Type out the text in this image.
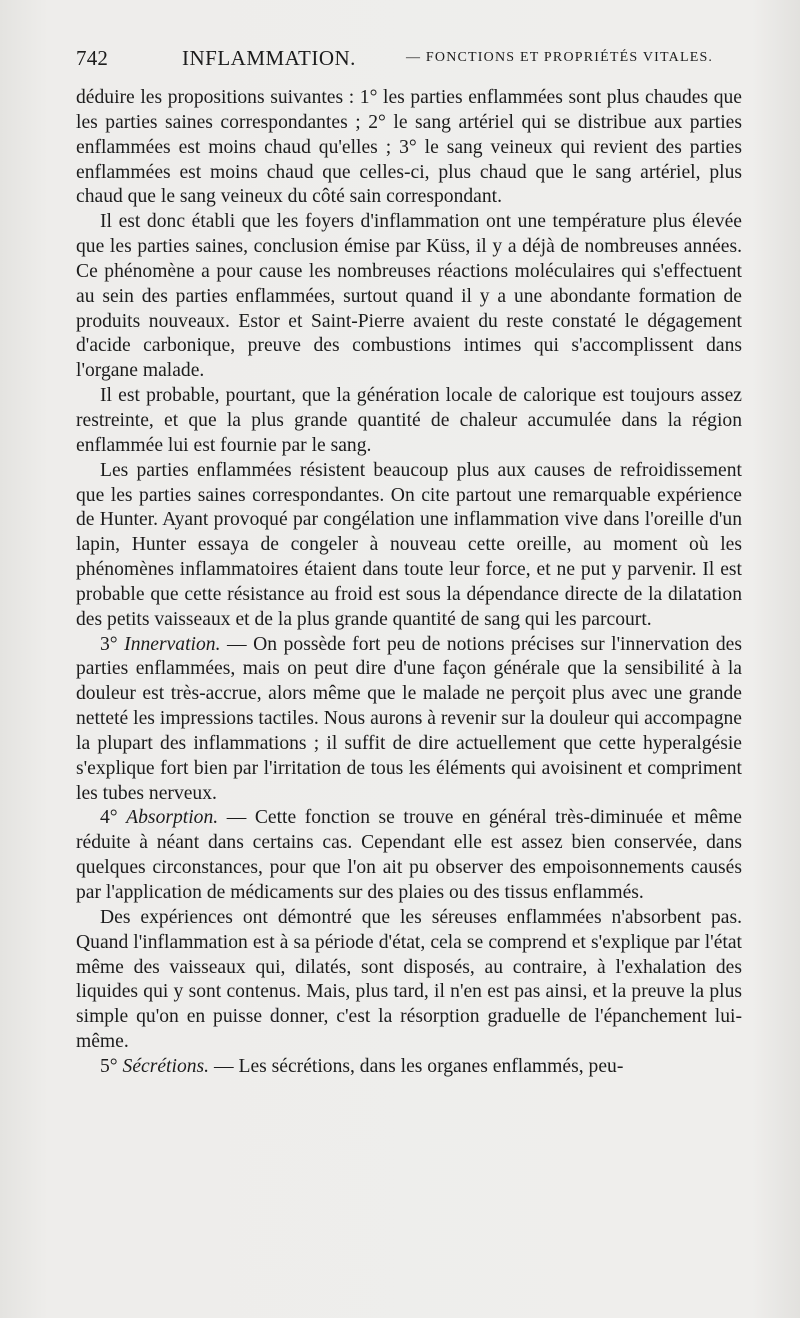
742	INFLAMMATION.	— FONCTIONS ET PROPRIÉTÉS VITALES.

déduire les propositions suivantes : 1° les parties enflammées sont plus chaudes que les parties saines correspondantes ; 2° le sang artériel qui se distribue aux parties enflammées est moins chaud qu'elles ; 3° le sang veineux qui revient des parties enflammées est moins chaud que celles-ci, plus chaud que le sang artériel, plus chaud que le sang veineux du côté sain correspondant.

Il est donc établi que les foyers d'inflammation ont une température plus élevée que les parties saines, conclusion émise par Küss, il y a déjà de nombreuses années. Ce phénomène a pour cause les nombreuses réactions moléculaires qui s'effectuent au sein des parties enflammées, surtout quand il y a une abondante formation de produits nouveaux. Estor et Saint-Pierre avaient du reste constaté le dégagement d'acide carbonique, preuve des combustions intimes qui s'accomplissent dans l'organe malade.

Il est probable, pourtant, que la génération locale de calorique est toujours assez restreinte, et que la plus grande quantité de chaleur accumulée dans la région enflammée lui est fournie par le sang.

Les parties enflammées résistent beaucoup plus aux causes de refroidissement que les parties saines correspondantes. On cite partout une remarquable expérience de Hunter. Ayant provoqué par congélation une inflammation vive dans l'oreille d'un lapin, Hunter essaya de congeler à nouveau cette oreille, au moment où les phénomènes inflammatoires étaient dans toute leur force, et ne put y parvenir. Il est probable que cette résistance au froid est sous la dépendance directe de la dilatation des petits vaisseaux et de la plus grande quantité de sang qui les parcourt.

3° Innervation. — On possède fort peu de notions précises sur l'innervation des parties enflammées, mais on peut dire d'une façon générale que la sensibilité à la douleur est très-accrue, alors même que le malade ne perçoit plus avec une grande netteté les impressions tactiles. Nous aurons à revenir sur la douleur qui accompagne la plupart des inflammations ; il suffit de dire actuellement que cette hyperalgésie s'explique fort bien par l'irritation de tous les éléments qui avoisinent et compriment les tubes nerveux.

4° Absorption. — Cette fonction se trouve en général très-diminuée et même réduite à néant dans certains cas. Cependant elle est assez bien conservée, dans quelques circonstances, pour que l'on ait pu observer des empoisonnements causés par l'application de médicaments sur des plaies ou des tissus enflammés.

Des expériences ont démontré que les séreuses enflammées n'absorbent pas. Quand l'inflammation est à sa période d'état, cela se comprend et s'explique par l'état même des vaisseaux qui, dilatés, sont disposés, au contraire, à l'exhalation des liquides qui y sont contenus. Mais, plus tard, il n'en est pas ainsi, et la preuve la plus simple qu'on en puisse donner, c'est la résorption graduelle de l'épanchement lui-même.

5° Sécrétions. — Les sécrétions, dans les organes enflammés, peu-
